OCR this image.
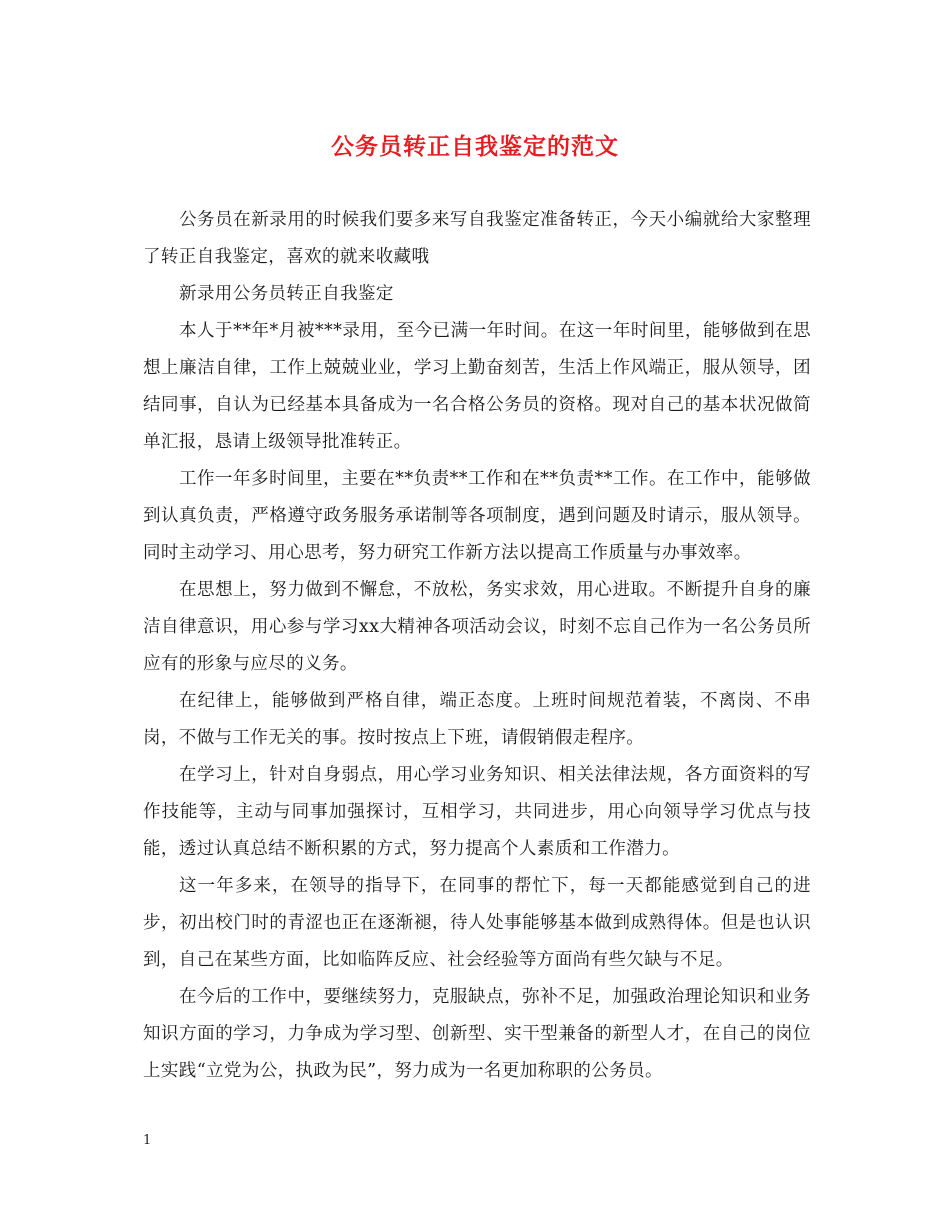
公务员转正自我鉴定的范文

公务员在新录用的时候我们要多来写自我鉴定准备转正，今天小编就给大家整理了转正自我鉴定，喜欢的就来收藏哦

新录用公务员转正自我鉴定

本人于**年*月被***录用，至今已满一年时间。在这一年时间里，能够做到在思想上廉洁自律，工作上兢兢业业，学习上勤奋刻苦，生活上作风端正，服从领导，团结同事，自认为已经基本具备成为一名合格公务员的资格。现对自己的基本状况做简单汇报，恳请上级领导批准转正。

工作一年多时间里，主要在**负责**工作和在**负责**工作。在工作中，能够做到认真负责，严格遵守政务服务承诺制等各项制度，遇到问题及时请示，服从领导。同时主动学习、用心思考，努力研究工作新方法以提高工作质量与办事效率。

在思想上，努力做到不懈怠，不放松，务实求效，用心进取。不断提升自身的廉洁自律意识，用心参与学习xx大精神各项活动会议，时刻不忘自己作为一名公务员所应有的形象与应尽的义务。

在纪律上，能够做到严格自律，端正态度。上班时间规范着装，不离岗、不串岗，不做与工作无关的事。按时按点上下班，请假销假走程序。

在学习上，针对自身弱点，用心学习业务知识、相关法律法规，各方面资料的写作技能等，主动与同事加强探讨，互相学习，共同进步，用心向领导学习优点与技能，透过认真总结不断积累的方式，努力提高个人素质和工作潜力。

这一年多来，在领导的指导下，在同事的帮忙下，每一天都能感觉到自己的进步，初出校门时的青涩也正在逐渐褪，待人处事能够基本做到成熟得体。但是也认识到，自己在某些方面，比如临阵反应、社会经验等方面尚有些欠缺与不足。

在今后的工作中，要继续努力，克服缺点，弥补不足，加强政治理论知识和业务知识方面的学习，力争成为学习型、创新型、实干型兼备的新型人才，在自己的岗位上实践“立党为公，执政为民”，努力成为一名更加称职的公务员。

1
